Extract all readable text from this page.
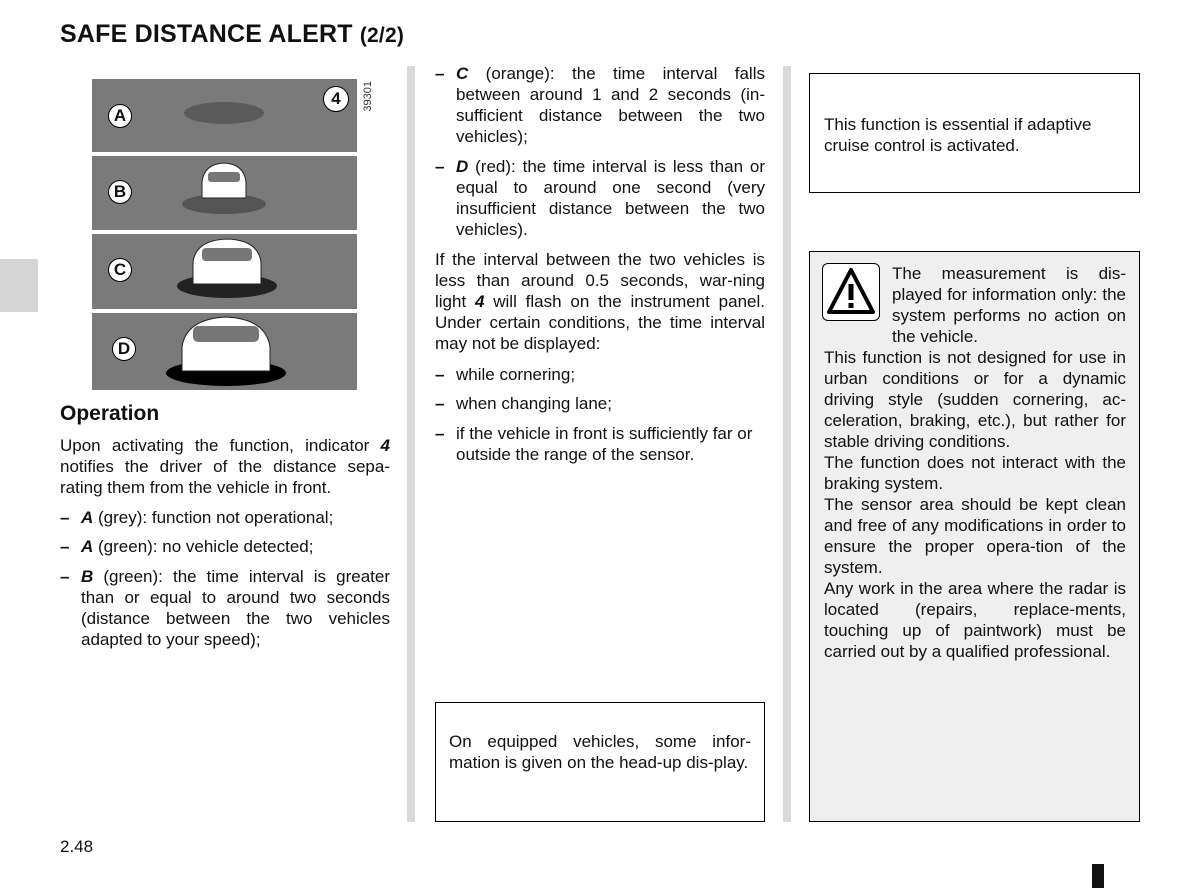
SAFE DISTANCE ALERT (2/2)
A
4
B
C
D
39301
Operation
Upon activating the function, indicator 4 notifies the driver of the distance sepa-rating them from the vehicle in front.
– A (grey): function not operational;
– A (green): no vehicle detected;
– B (green): the time interval is greater than or equal to around two seconds (distance between the two vehicles adapted to your speed);
– C (orange): the time interval falls between around 1 and 2 seconds (in-sufficient distance between the two vehicles);
– D (red): the time interval is less than or equal to around one second (very insufficient distance between the two vehicles).
If the interval between the two vehicles is less than around 0.5 seconds, war-ning light 4 will flash on the instrument panel. Under certain conditions, the time interval may not be displayed:
– while cornering;
– when changing lane;
– if the vehicle in front is sufficiently far or outside the range of the sensor.
On equipped vehicles, some infor-mation is given on the head-up dis-play.
This function is essential if adaptive cruise control is activated.
The measurement is dis-played for information only: the system performs no action on the vehicle.
This function is not designed for use in urban conditions or for a dynamic driving style (sudden cornering, ac-celeration, braking, etc.), but rather for stable driving conditions.
The function does not interact with the braking system.
The sensor area should be kept clean and free of any modifications in order to ensure the proper opera-tion of the system.
Any work in the area where the radar is located (repairs, replace-ments, touching up of paintwork) must be carried out by a qualified professional.
2.48
